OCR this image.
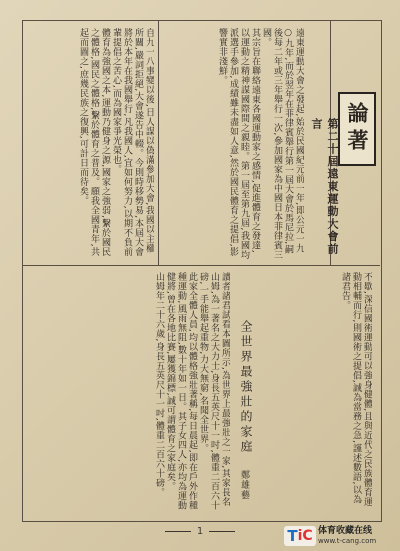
論著
第二十屆遠東運動大會前言

遠東運動大會之發起,始於民國紀元前一年,即公元一九○九年,而於翌年在菲律賓舉行第一屆大會於馬尼拉,嗣後每二年或三年舉行一次,參加國家為中國日本菲律賓三國。

其宗旨在聯絡遠東各國運動家之感情,促進體育之發達,以運動之精神謀國際間之親睦。第一屆至第九屆,我國均派選手參加,成績雖未盡如人意,然於國民體育之提倡,影響實非淺鮮。

自九一八事變以後,日人謀以偽滿參加大會,我國以主權所關,嚴詞拒絕,大會遂告中輟。今則時移勢易,本屆大會將於本年在我國舉行,凡我國人,宜如何努力,以期不負前輩提倡之苦心,而為國家爭光榮也。

體育為強國之本,運動乃健身之源,國家之強弱,繫於國民之體格,國民之體格,繫於體育之普及。願我全國青年,共起而圖之,庶幾民族之復興,可計日而待矣。

不歇,深信國術運動可以強身健體,且與近代之民族體育運動相輔而行,則國術之提倡,誠為當務之急,謹述數語,以為諸君告。

全世界最強壯的家庭
鄭雄藝

讀者諸君試看本圖所示,為世界上最強壯之一家,其家長名山姆,為一著名之大力士,身長五英尺十一吋,體重二百六十磅,一手能舉起重物,力大無窮,名聞全世界。

此家全體人員,均以體格強壯著稱,每日晨起,即在戶外作種種運動,風雨無阻,數十年如一日。其子女四人,亦均為運動健將,曾在各地比賽,屢獲錦標,誠可謂體育之家庭矣。

山姆年二十六歲,身長五英尺十一吋,體重二百六十磅。

1	T iC 体育收藏在线
www.t-cang.com
